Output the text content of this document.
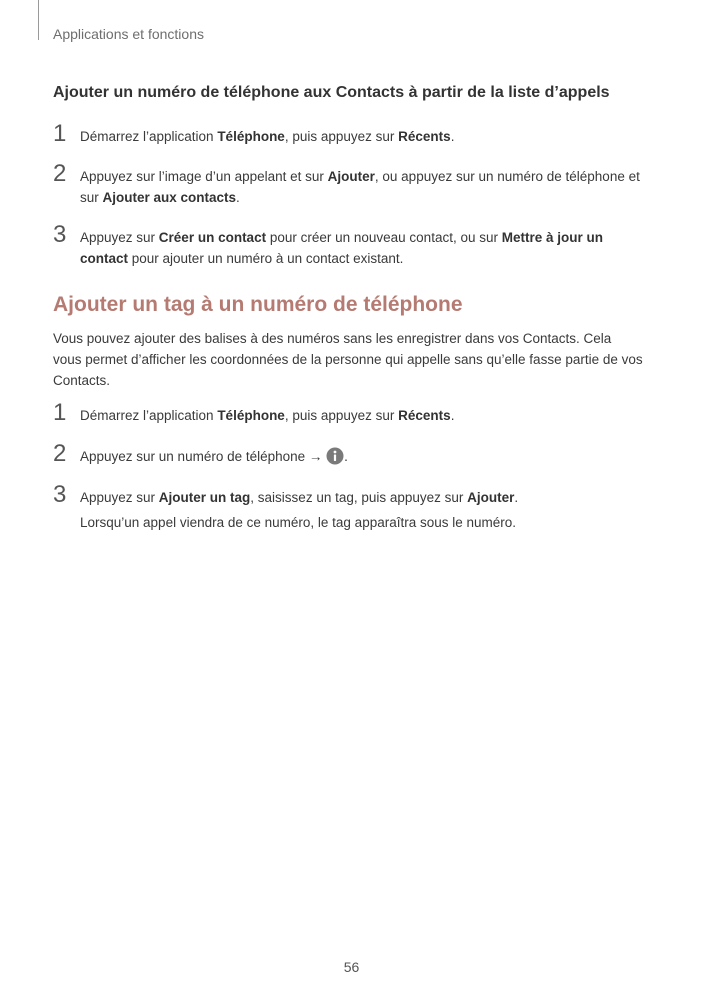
Applications et fonctions
Ajouter un numéro de téléphone aux Contacts à partir de la liste d’appels
1	Démarrez l’application Téléphone, puis appuyez sur Récents.
2	Appuyez sur l’image d’un appelant et sur Ajouter, ou appuyez sur un numéro de téléphone et sur Ajouter aux contacts.
3	Appuyez sur Créer un contact pour créer un nouveau contact, ou sur Mettre à jour un contact pour ajouter un numéro à un contact existant.
Ajouter un tag à un numéro de téléphone
Vous pouvez ajouter des balises à des numéros sans les enregistrer dans vos Contacts. Cela vous permet d’afficher les coordonnées de la personne qui appelle sans qu’elle fasse partie de vos Contacts.
1	Démarrez l’application Téléphone, puis appuyez sur Récents.
2	Appuyez sur un numéro de téléphone → .
3	Appuyez sur Ajouter un tag, saisissez un tag, puis appuyez sur Ajouter.
Lorsqu’un appel viendra de ce numéro, le tag apparaîtra sous le numéro.
56
